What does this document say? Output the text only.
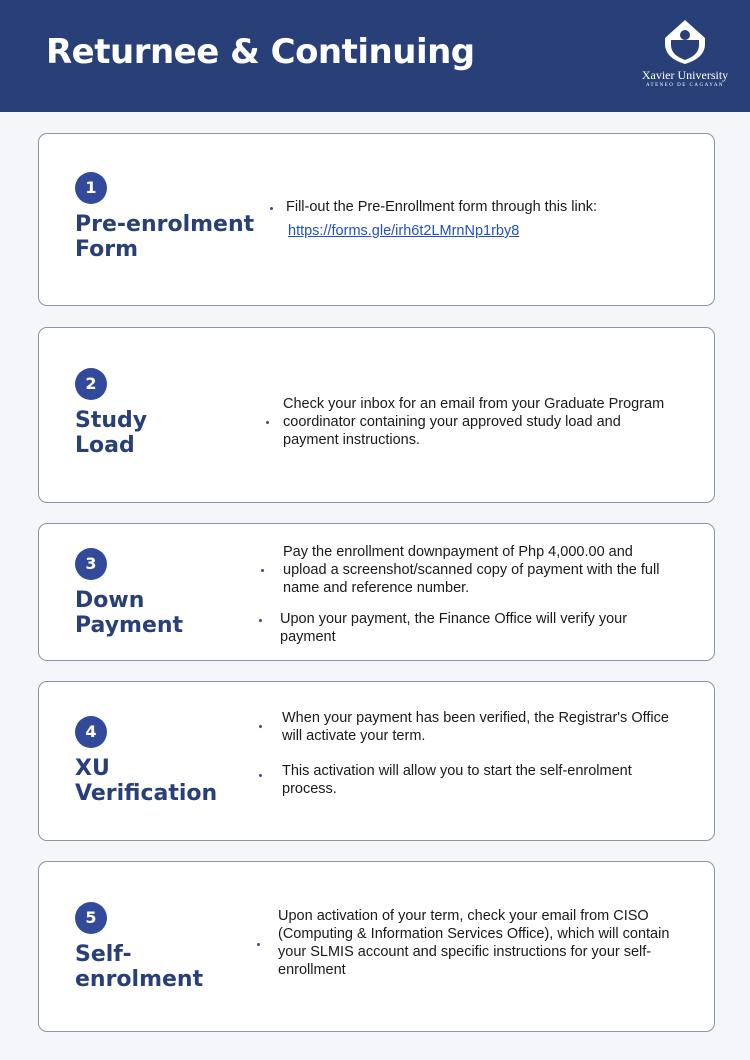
Returnee & Continuing
Xavier University
ATENEO DE CAGAYAN
1
Pre-enrolment Form
Fill-out the Pre-Enrollment form through this link:
https://forms.gle/irh6t2LMrnNp1rby8
2
Study Load
Check your inbox for an email from your Graduate Program coordinator containing your approved study load and payment instructions.
3
Down Payment
Pay the enrollment downpayment of Php 4,000.00 and upload a screenshot/scanned copy of payment with the full name and reference number.
Upon your payment, the Finance Office will verify your payment
4
XU Verification
When your payment has been verified, the Registrar's Office will activate your term.
This activation will allow you to start the self-enrolment process.
5
Self-enrolment
Upon activation of your term, check your email from CISO (Computing & Information Services Office), which will contain your SLMIS account and specific instructions for your self-enrollment
